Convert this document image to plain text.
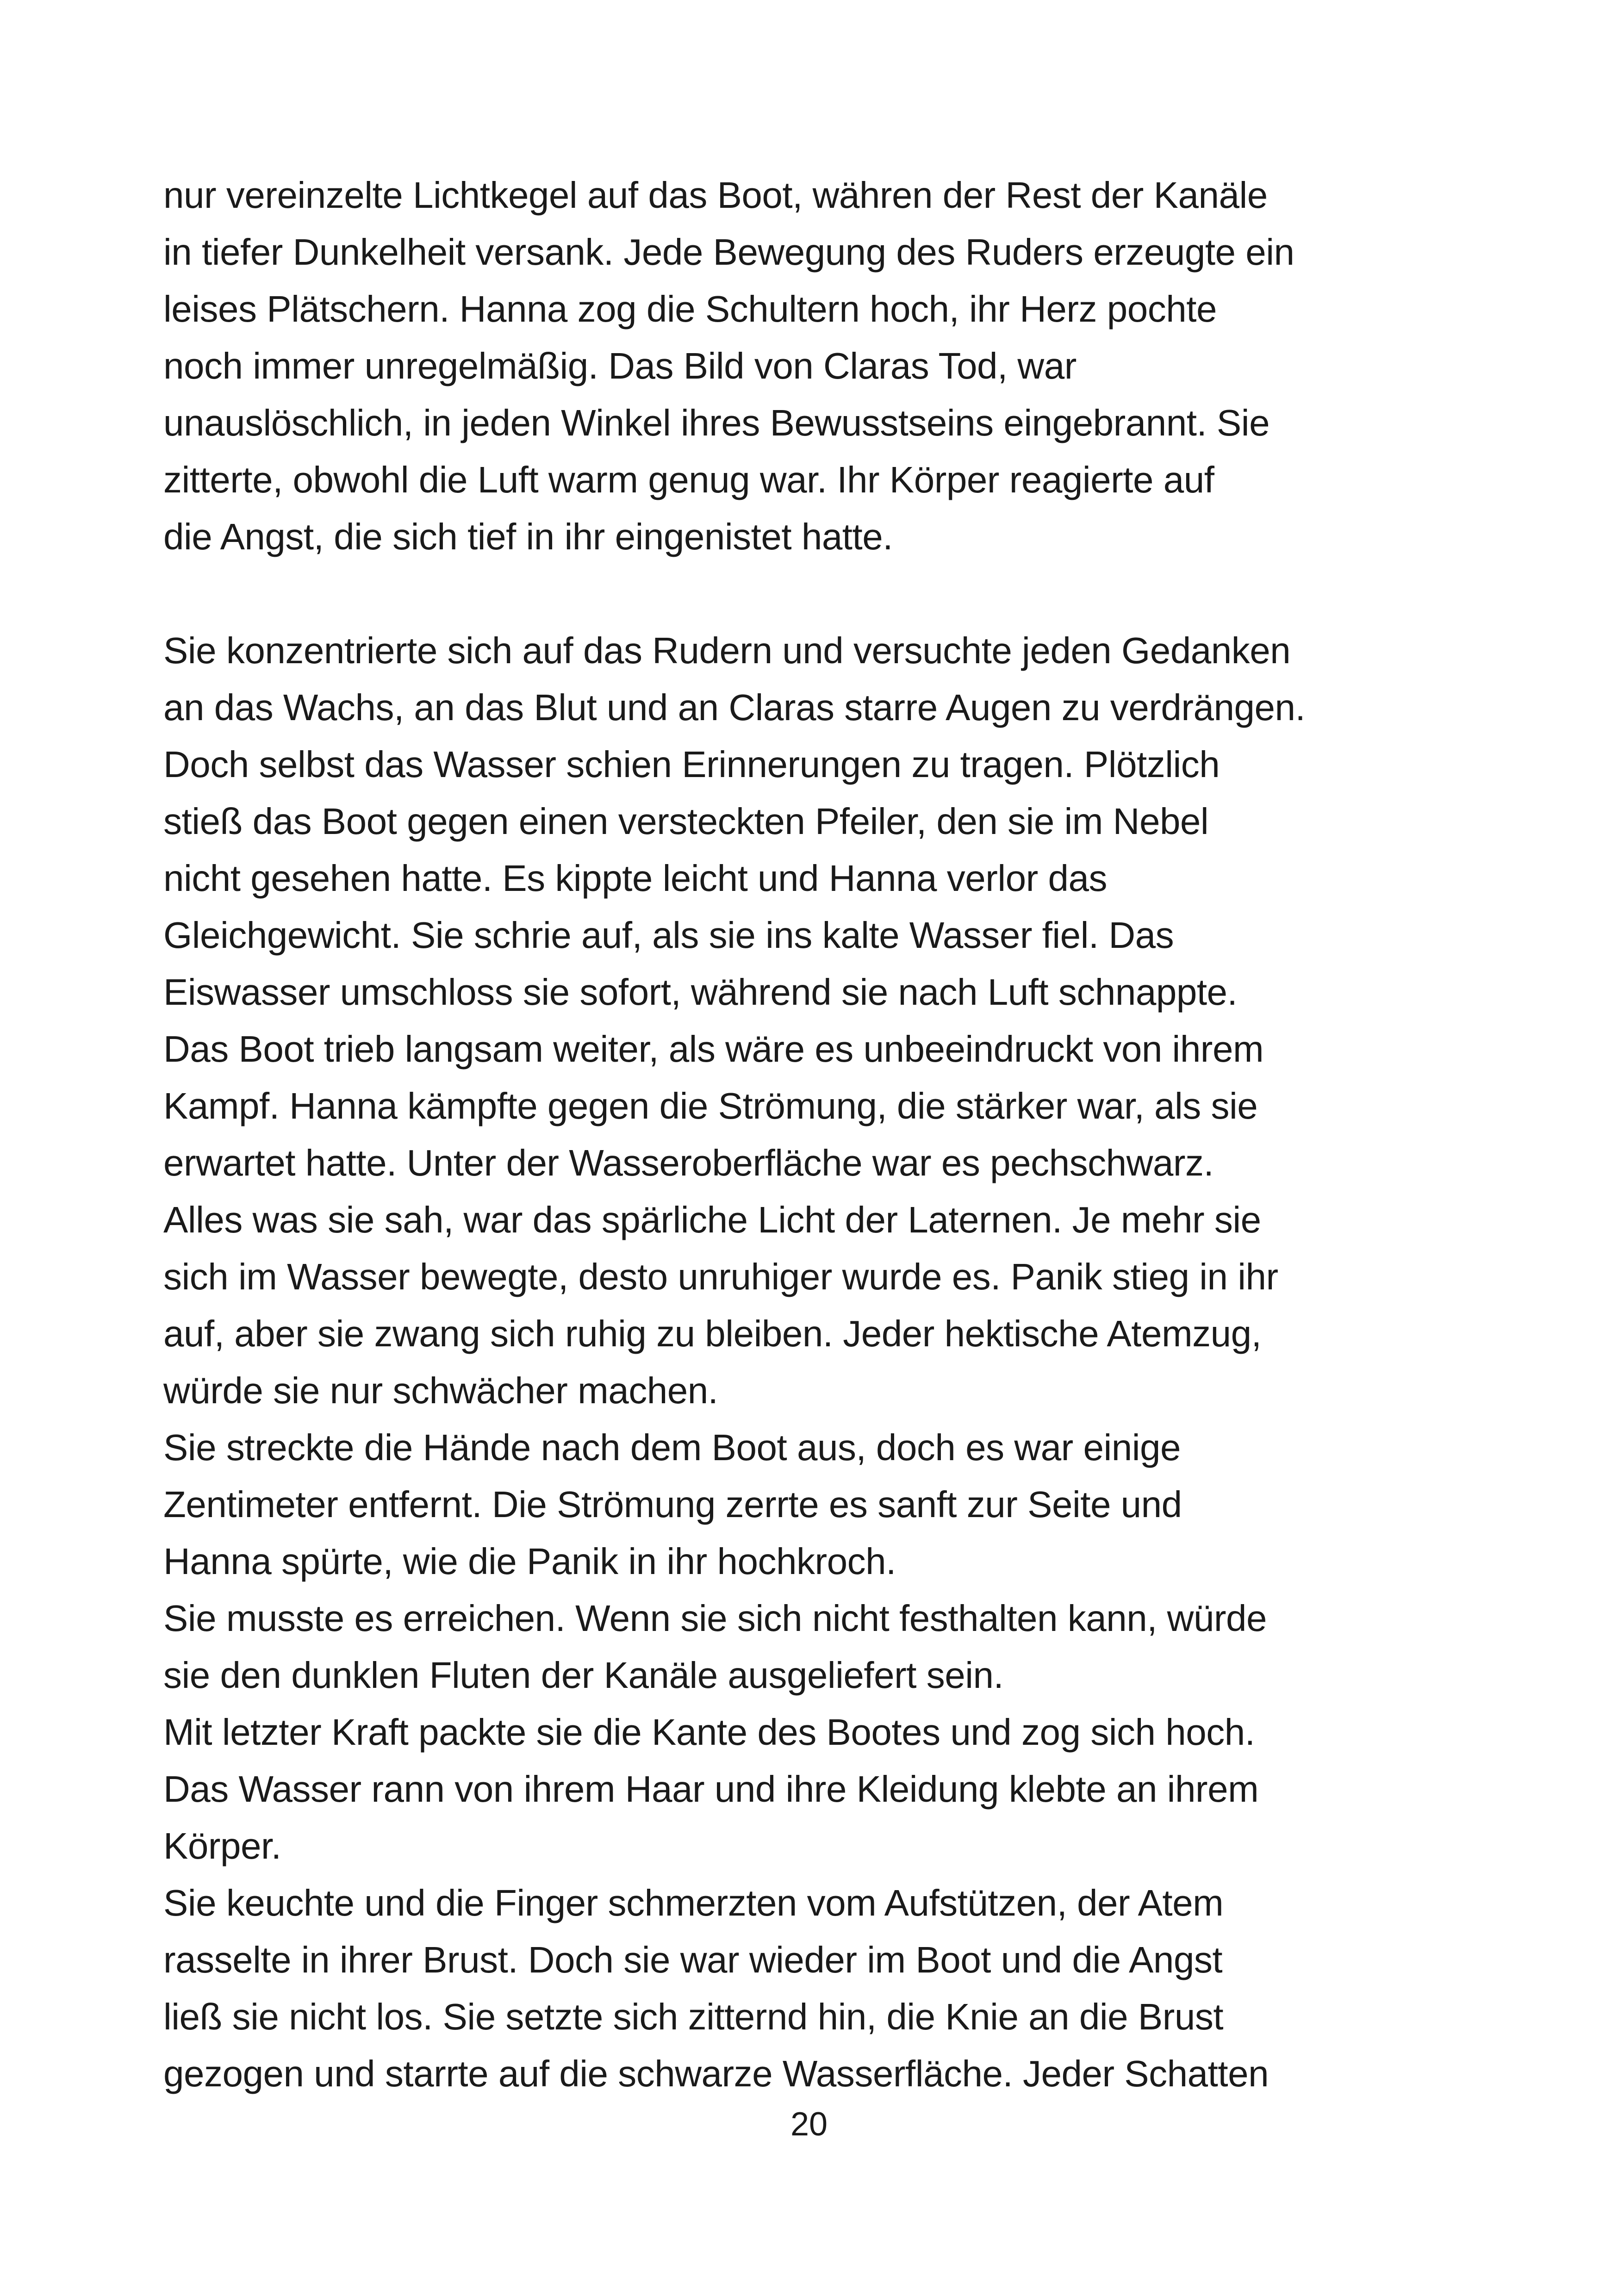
nur vereinzelte Lichtkegel auf das Boot, währen der Rest der Kanäle
in tiefer Dunkelheit versank. Jede Bewegung des Ruders erzeugte ein
leises Plätschern. Hanna zog die Schultern hoch, ihr Herz pochte
noch immer unregelmäßig. Das Bild von Claras Tod, war
unauslöschlich, in jeden Winkel ihres Bewusstseins eingebrannt. Sie
zitterte, obwohl die Luft warm genug war. Ihr Körper reagierte auf
die Angst, die sich tief in ihr eingenistet hatte.
Sie konzentrierte sich auf das Rudern und versuchte jeden Gedanken
an das Wachs, an das Blut und an Claras starre Augen zu verdrängen.
Doch selbst das Wasser schien Erinnerungen zu tragen. Plötzlich
stieß das Boot gegen einen versteckten Pfeiler, den sie im Nebel
nicht gesehen hatte. Es kippte leicht und Hanna verlor das
Gleichgewicht. Sie schrie auf, als sie ins kalte Wasser fiel. Das
Eiswasser umschloss sie sofort, während sie nach Luft schnappte.
Das Boot trieb langsam weiter, als wäre es unbeeindruckt von ihrem
Kampf. Hanna kämpfte gegen die Strömung, die stärker war, als sie
erwartet hatte. Unter der Wasseroberfläche war es pechschwarz.
Alles was sie sah, war das spärliche Licht der Laternen. Je mehr sie
sich im Wasser bewegte, desto unruhiger wurde es. Panik stieg in ihr
auf, aber sie zwang sich ruhig zu bleiben. Jeder hektische Atemzug,
würde sie nur schwächer machen.
Sie streckte die Hände nach dem Boot aus, doch es war einige
Zentimeter entfernt. Die Strömung zerrte es sanft zur Seite und
Hanna spürte, wie die Panik in ihr hochkroch.
Sie musste es erreichen. Wenn sie sich nicht festhalten kann, würde
sie den dunklen Fluten der Kanäle ausgeliefert sein.
Mit letzter Kraft packte sie die Kante des Bootes und zog sich hoch.
Das Wasser rann von ihrem Haar und ihre Kleidung klebte an ihrem
Körper.
Sie keuchte und die Finger schmerzten vom Aufstützen, der Atem
rasselte in ihrer Brust. Doch sie war wieder im Boot und die Angst
ließ sie nicht los. Sie setzte sich zitternd hin, die Knie an die Brust
gezogen und starrte auf die schwarze Wasserfläche. Jeder Schatten
20
